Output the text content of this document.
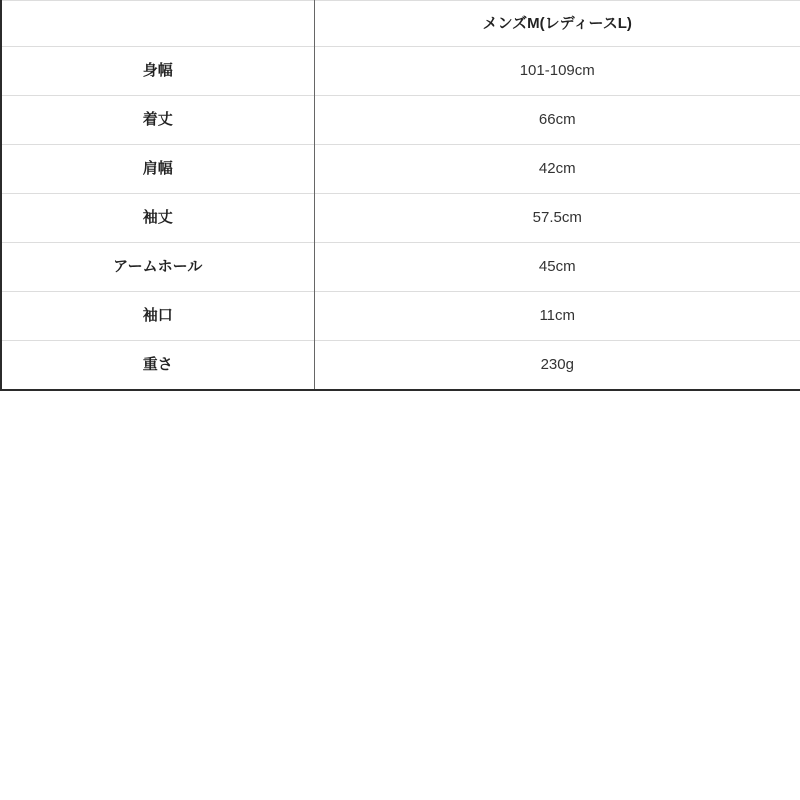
	メンズM(レディースL)
身幅	101-109cm
着丈	66cm
肩幅	42cm
袖丈	57.5cm
アームホール	45cm
袖口	11cm
重さ	230g
